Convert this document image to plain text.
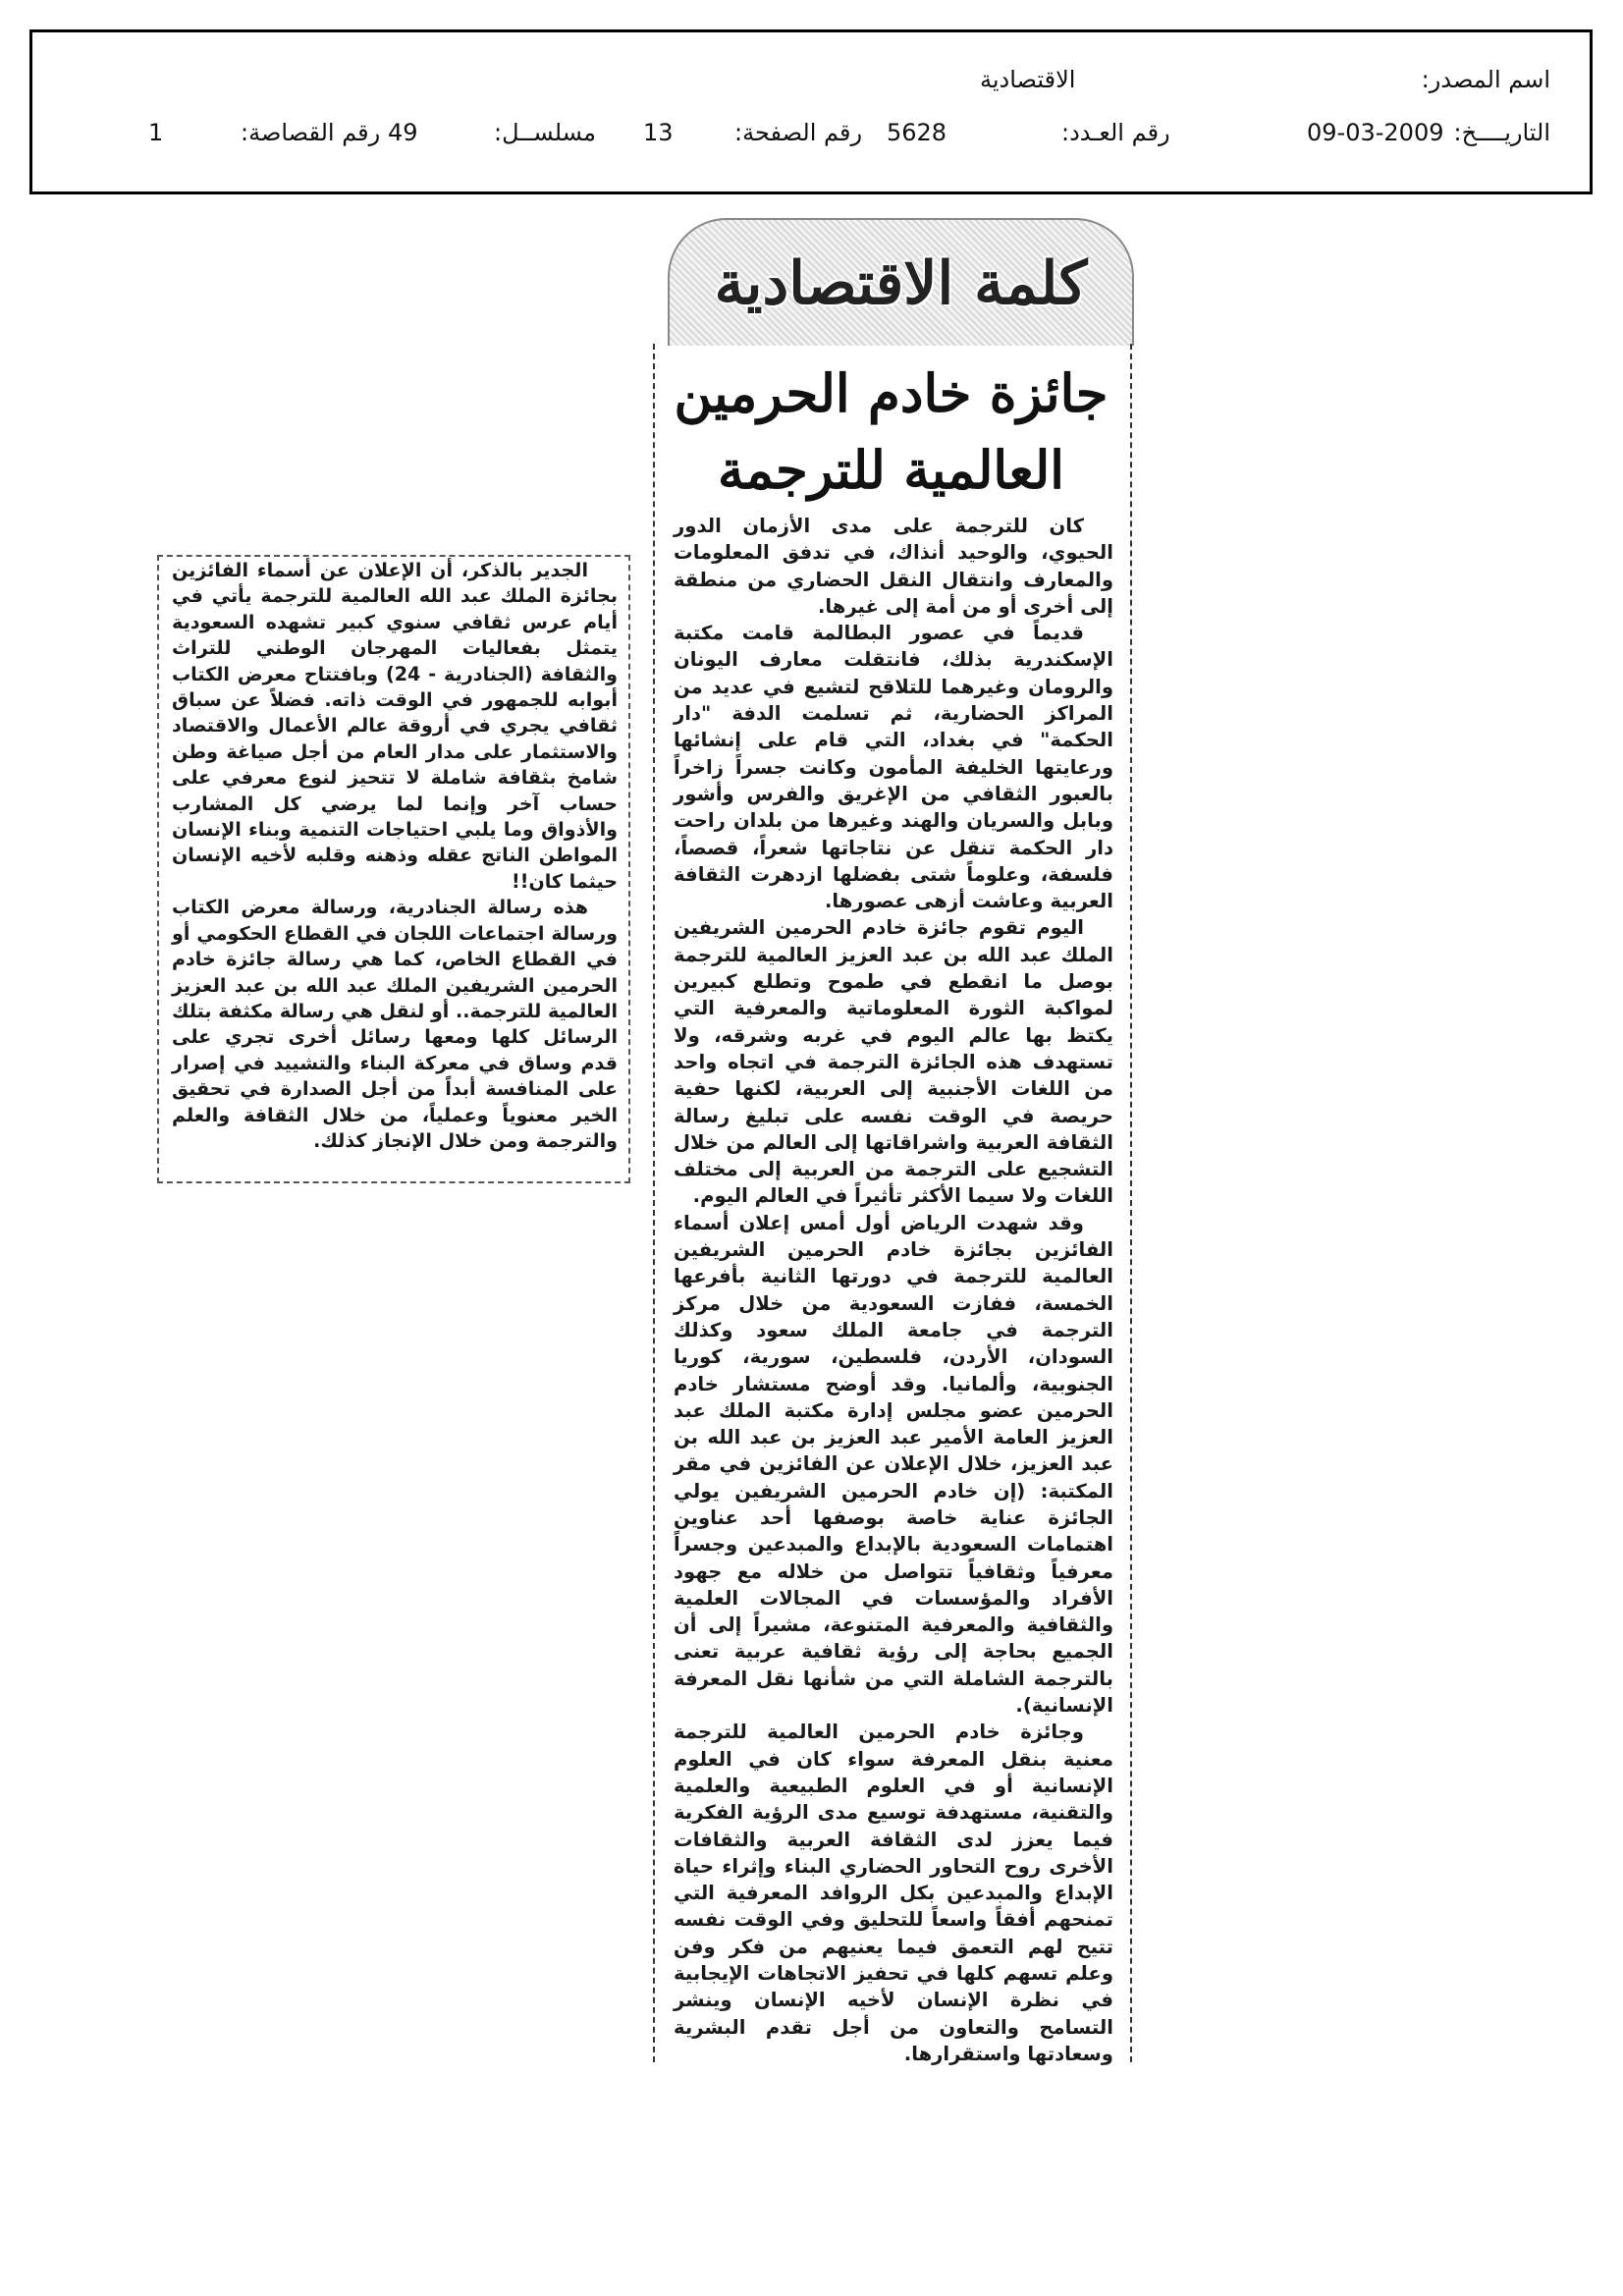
اسم المصدر:
الاقتصادية
التاريــــخ:
09-03-2009
رقم العـدد:
5628
رقم الصفحة:
13
مسلســل:
49
رقم القصاصة:
1
كلمة الاقتصادية
جائزة خادم الحرمين العالمية للترجمة

كان للترجمة على مدى الأزمان الدور الحيوي، والوحيد أنذاك، في تدفق المعلومات والمعارف وانتقال النقل الحضاري من منطقة إلى أخرى أو من أمة إلى غيرها.

قديماً في عصور البطالمة قامت مكتبة الإسكندرية بذلك، فانتقلت معارف اليونان والرومان وغيرهما للتلاقح لتشيع في عديد من المراكز الحضارية، ثم تسلمت الدفة "دار الحكمة" في بغداد، التي قام على إنشائها ورعايتها الخليفة المأمون وكانت جسراً زاخراً بالعبور الثقافي من الإغريق والفرس وأشور وبابل والسريان والهند وغيرها من بلدان راحت دار الحكمة تنقل عن نتاجاتها شعراً، قصصاً، فلسفة، وعلوماً شتى بفضلها ازدهرت الثقافة العربية وعاشت أزهى عصورها.

اليوم تقوم جائزة خادم الحرمين الشريفين الملك عبد الله بن عبد العزيز العالمية للترجمة بوصل ما انقطع في طموح وتطلع كبيرين لمواكبة الثورة المعلوماتية والمعرفية التي يكتظ بها عالم اليوم في غربه وشرقه، ولا تستهدف هذه الجائزة الترجمة في اتجاه واحد من اللغات الأجنبية إلى العربية، لكنها حفية حريصة في الوقت نفسه على تبليغ رسالة الثقافة العربية واشراقاتها إلى العالم من خلال التشجيع على الترجمة من العربية إلى مختلف اللغات ولا سيما الأكثر تأثيراً في العالم اليوم.

وقد شهدت الرياض أول أمس إعلان أسماء الفائزين بجائزة خادم الحرمين الشريفين العالمية للترجمة في دورتها الثانية بأفرعها الخمسة، ففازت السعودية من خلال مركز الترجمة في جامعة الملك سعود وكذلك السودان، الأردن، فلسطين، سورية، كوريا الجنوبية، وألمانيا. وقد أوضح مستشار خادم الحرمين عضو مجلس إدارة مكتبة الملك عبد العزيز العامة الأمير عبد العزيز بن عبد الله بن عبد العزيز، خلال الإعلان عن الفائزين في مقر المكتبة: (إن خادم الحرمين الشريفين يولي الجائزة عناية خاصة بوصفها أحد عناوين اهتمامات السعودية بالإبداع والمبدعين وجسراً معرفياً وثقافياً تتواصل من خلاله مع جهود الأفراد والمؤسسات في المجالات العلمية والثقافية والمعرفية المتنوعة، مشيراً إلى أن الجميع بحاجة إلى رؤية ثقافية عربية تعنى بالترجمة الشاملة التي من شأنها نقل المعرفة الإنسانية).

وجائزة خادم الحرمين العالمية للترجمة معنية بنقل المعرفة سواء كان في العلوم الإنسانية أو في العلوم الطبيعية والعلمية والتقنية، مستهدفة توسيع مدى الرؤية الفكرية فيما يعزز لدى الثقافة العربية والثقافات الأخرى روح التحاور الحضاري البناء وإثراء حياة الإبداع والمبدعين بكل الروافد المعرفية التي تمنحهم أفقاً واسعاً للتحليق وفي الوقت نفسه تتيح لهم التعمق فيما يعنيهم من فكر وفن وعلم تسهم كلها في تحفيز الاتجاهات الإيجابية في نظرة الإنسان لأخيه الإنسان وينشر التسامح والتعاون من أجل تقدم البشرية وسعادتها واستقرارها.

الجدير بالذكر، أن الإعلان عن أسماء الفائزين بجائزة الملك عبد الله العالمية للترجمة يأتي في أيام عرس ثقافي سنوي كبير تشهده السعودية يتمثل بفعاليات المهرجان الوطني للتراث والثقافة (الجنادرية - 24) وبافتتاح معرض الكتاب أبوابه للجمهور في الوقت ذاته. فضلاً عن سباق ثقافي يجري في أروقة عالم الأعمال والاقتصاد والاستثمار على مدار العام من أجل صياغة وطن شامخ بثقافة شاملة لا تتحيز لنوع معرفي على حساب آخر وإنما لما يرضي كل المشارب والأذواق وما يلبي احتياجات التنمية وبناء الإنسان المواطن الناتج عقله وذهنه وقلبه لأخيه الإنسان حيثما كان!!

هذه رسالة الجنادرية، ورسالة معرض الكتاب ورسالة اجتماعات اللجان في القطاع الحكومي أو في القطاع الخاص، كما هي رسالة جائزة خادم الحرمين الشريفين الملك عبد الله بن عبد العزيز العالمية للترجمة.. أو لنقل هي رسالة مكثفة بتلك الرسائل كلها ومعها رسائل أخرى تجري على قدم وساق في معركة البناء والتشييد في إصرار على المنافسة أبداً من أجل الصدارة في تحقيق الخير معنوياً وعملياً، من خلال الثقافة والعلم والترجمة ومن خلال الإنجاز كذلك.
